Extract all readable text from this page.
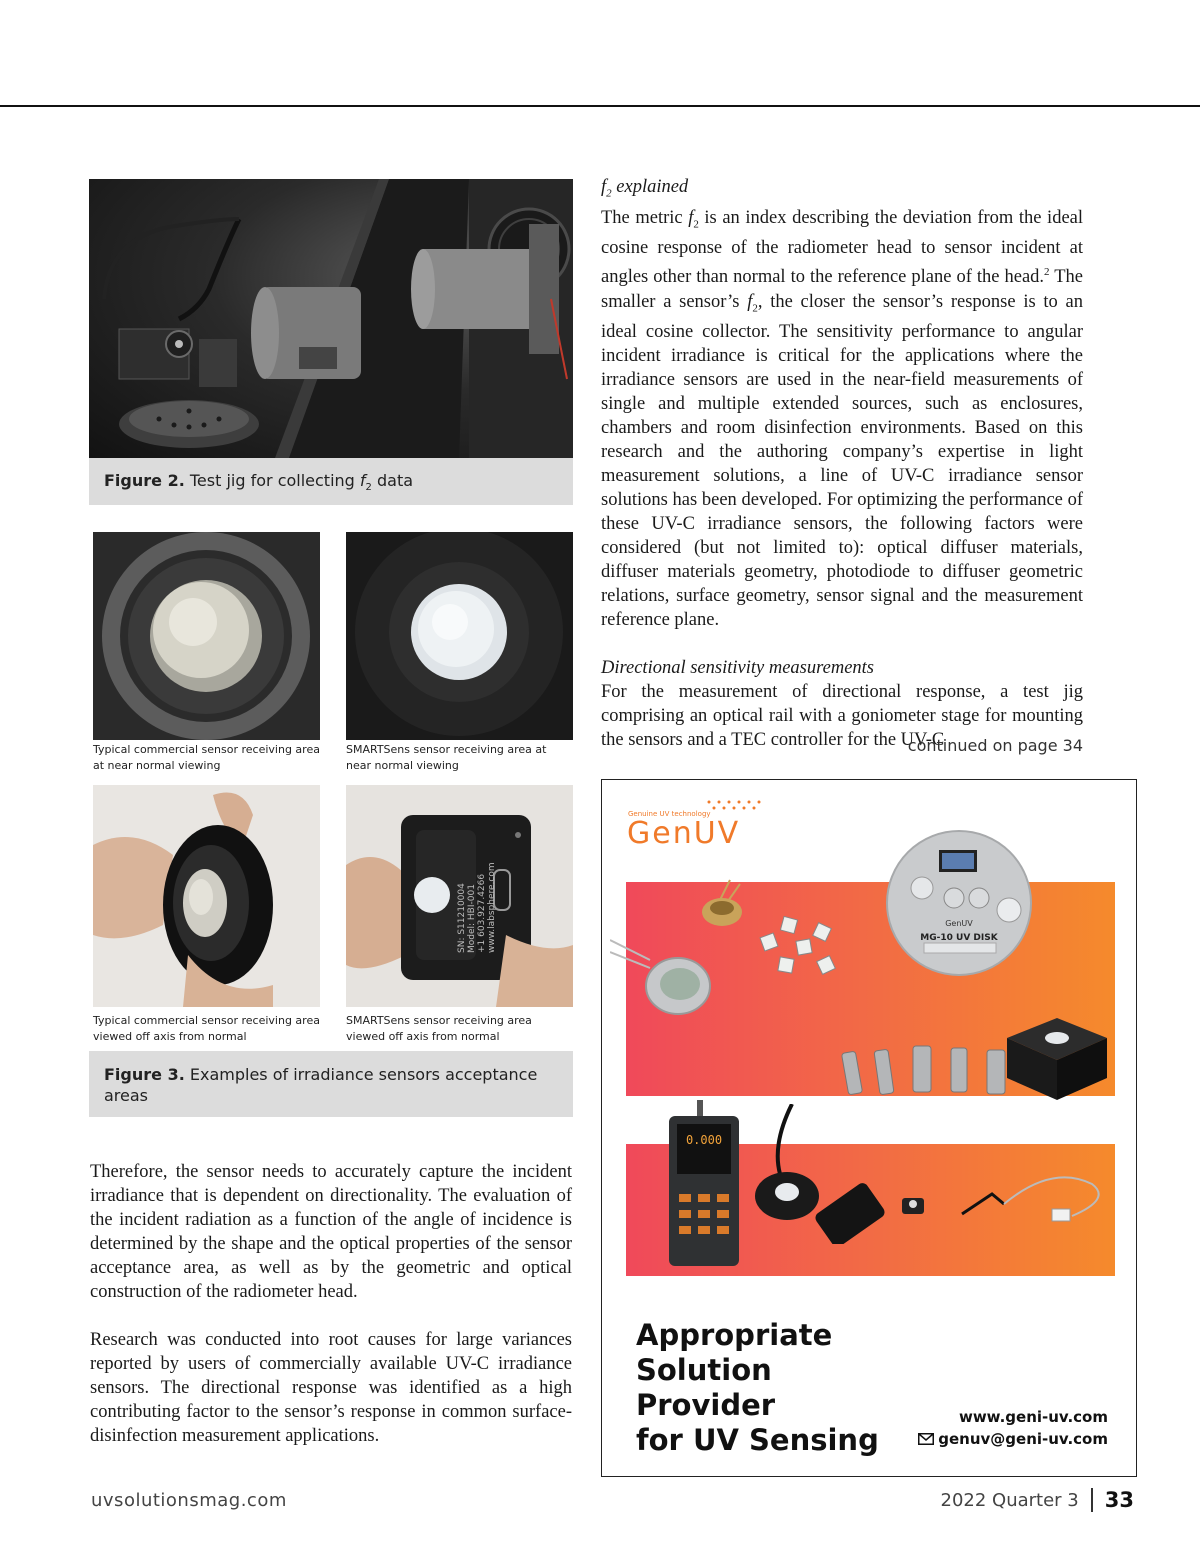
Figure 2. Test jig for collecting $f_2$ data
Typical commercial sensor receiving area at near normal viewing
SMARTSens sensor receiving area at near normal viewing
Typical commercial sensor receiving area viewed off axis from normal
SN: S11210004 Model: HBI-001 +1 603.927.4266 www.labsphere.com
SMARTSens sensor receiving area viewed off axis from normal
Figure 3. Examples of irradiance sensors acceptance areas

Therefore, the sensor needs to accurately capture the incident irradiance that is dependent on directionality. The evaluation of the incident radiation as a function of the angle of incidence is determined by the shape and the optical properties of the sensor acceptance area, as well as by the geometric and optical construction of the radiometer head.

Research was conducted into root causes for large variances reported by users of commercially available UV-C irradiance sensors. The directional response was identified as a high contributing factor to the sensor’s response in common surface-disinfection measurement applications.

$f_2$ explained

The metric $f_2$ is an index describing the deviation from the ideal cosine response of the radiometer head to sensor incident at angles other than normal to the reference plane of the head.$^2$ The smaller a sensor’s $f_2$, the closer the sensor’s response is to an ideal cosine collector. The sensitivity performance to angular incident irradiance is critical for the applications where the irradiance sensors are used in the near-field measurements of single and multiple extended sources, such as enclosures, chambers and room disinfection environments. Based on this research and the authoring company’s expertise in light measurement solutions, a line of UV-C irradiance sensor solutions has been developed. For optimizing the performance of these UV-C irradiance sensors, the following factors were considered (but not limited to): optical diffuser materials, diffuser materials geometry, photodiode to diffuser geometric relations, surface geometry, sensor signal and the measurement reference plane.

Directional sensitivity measurements

For the measurement of directional response, a test jig comprising an optical rail with a goniometer stage for mounting the sensors and a TEC controller for the UV-C

continued on page 34
Genuine UV technology
GenUV
GenUV
MG-10 UV DISK
0.000
Appropriate
Solution
Provider
for UV Sensing
www.geni-uv.com
genuv@geni-uv.com
uvsolutionsmag.com	2022 Quarter 3 33
